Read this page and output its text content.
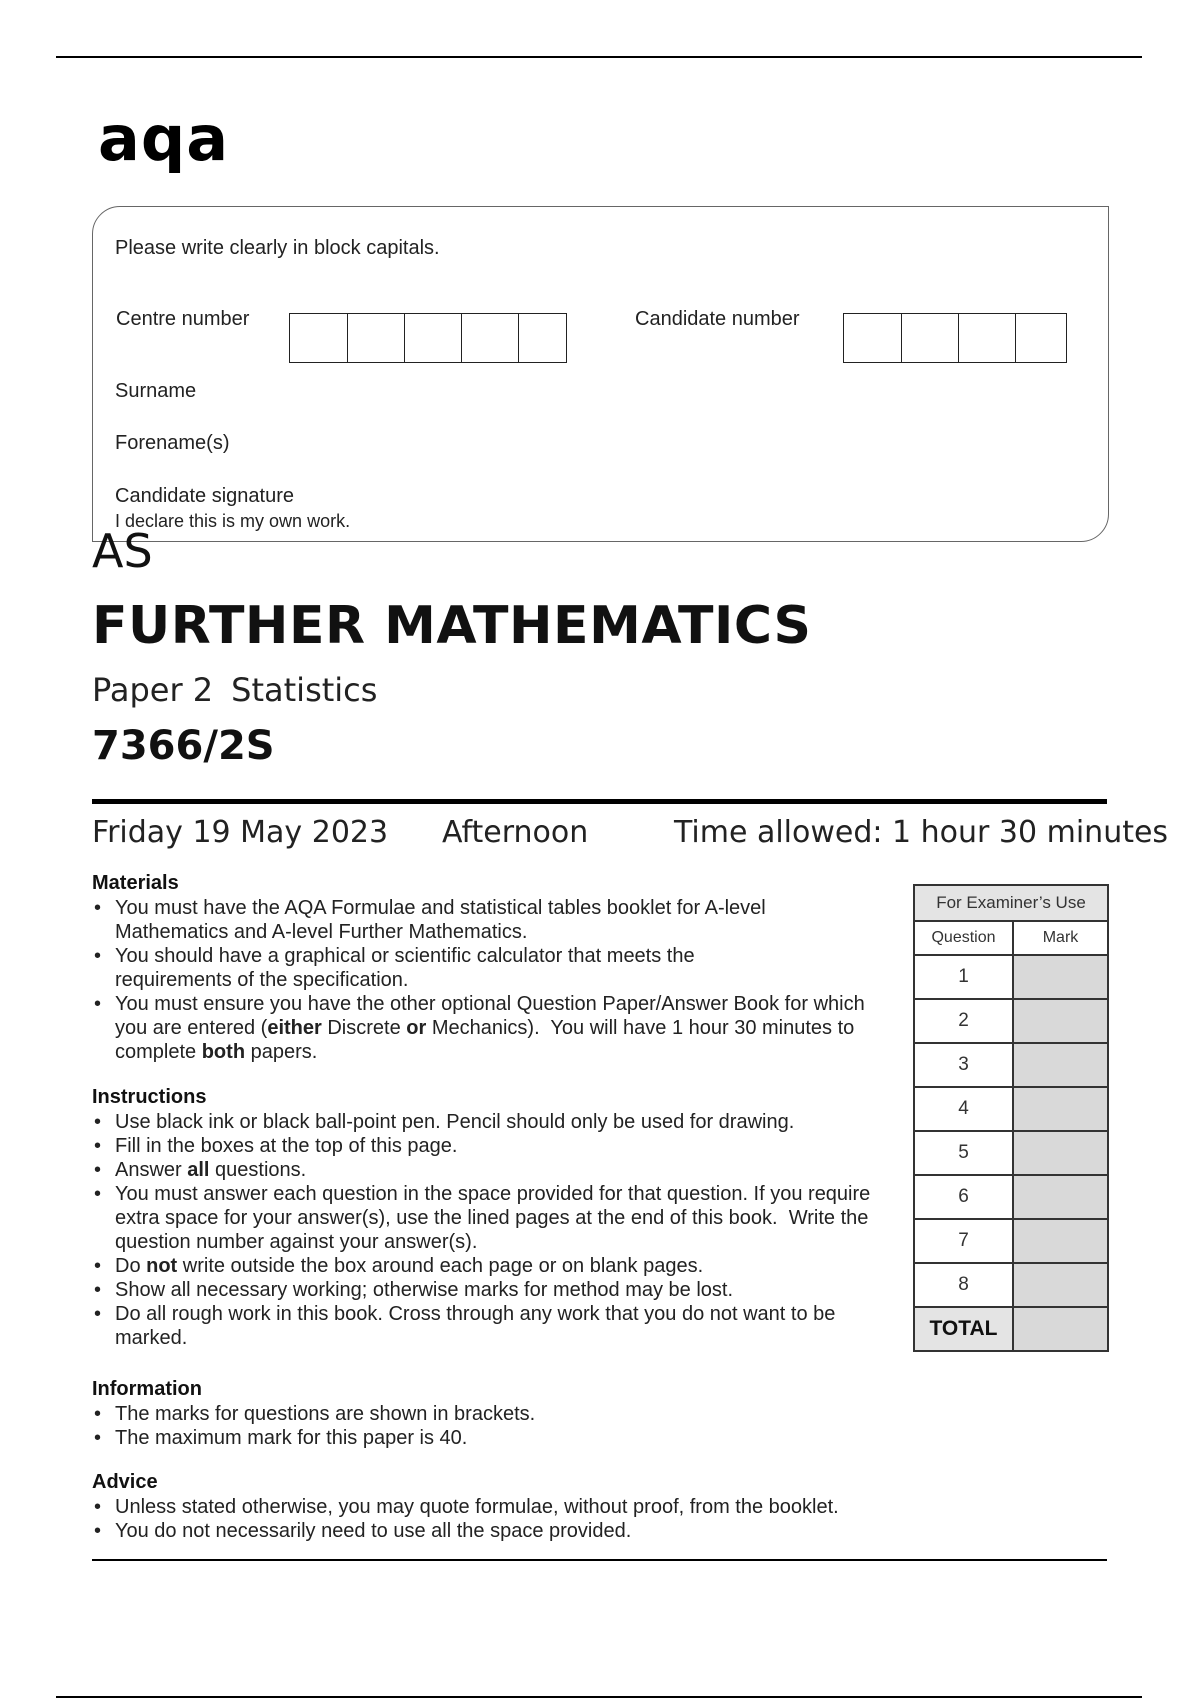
aqa
Please write clearly in block capitals.
Centre number	Candidate number
Surname
Forename(s)
Candidate signature
I declare this is my own work.
AS
FURTHER MATHEMATICS
Paper 2 Statistics
7366/2S
Friday 19 May 2023 Afternoon	Time allowed: 1 hour 30 minutes
Materials
• You must have the AQA Formulae and statistical tables booklet for A-level Mathematics and A-level Further Mathematics.
• You should have a graphical or scientific calculator that meets the requirements of the specification.
• You must ensure you have the other optional Question Paper/Answer Book for which you are entered (either Discrete or Mechanics).  You will have 1 hour 30 minutes to complete both papers.
Instructions
• Use black ink or black ball-point pen. Pencil should only be used for drawing.
• Fill in the boxes at the top of this page.
• Answer all questions.
• You must answer each question in the space provided for that question. If you require extra space for your answer(s), use the lined pages at the end of this book.  Write the question number against your answer(s).
• Do not write outside the box around each page or on blank pages.
• Show all necessary working; otherwise marks for method may be lost.
• Do all rough work in this book. Cross through any work that you do not want to be marked.
Information
• The marks for questions are shown in brackets.
• The maximum mark for this paper is 40.
Advice
• Unless stated otherwise, you may quote formulae, without proof, from the booklet.
• You do not necessarily need to use all the space provided.
For Examiner’s Use	
Question	Mark
1	
2	
3	
4	
5	
6	
7	
8	
TOTAL	
